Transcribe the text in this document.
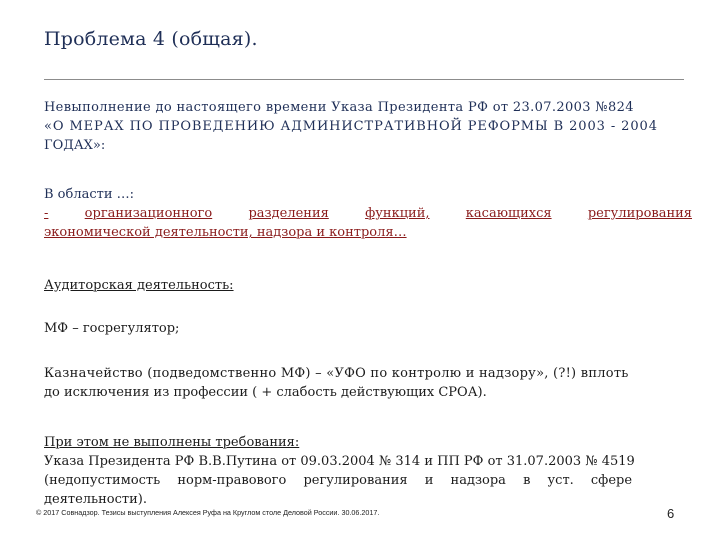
Проблема 4 (общая).
Невыполнение до настоящего времени Указа Президента РФ от 23.07.2003 №824
«О МЕРАХ ПО ПРОВЕДЕНИЮ АДМИНИСТРАТИВНОЙ РЕФОРМЫ В 2003 - 2004
ГОДАХ»:
В области …:
-	организационного	разделения	функций,	касающихся	регулирования
экономической деятельности, надзора и контроля…
Аудиторская деятельность:
МФ – госрегулятор;
Казначейство (подведомственно МФ) – «УФО по контролю и надзору», (?!) вплоть
до исключения из профессии ( + слабость действующих СРОА).
При этом не выполнены требования:
Указа Президента РФ В.В.Путина от 09.03.2004 № 314 и ПП РФ от 31.07.2003 № 4519
(недопустимость норм-правового регулирования и надзора в уст. сфере
деятельности).
© 2017 Совнадзор. Тезисы выступления Алексея Руфа на Круглом столе Деловой России. 30.06.2017.	6
